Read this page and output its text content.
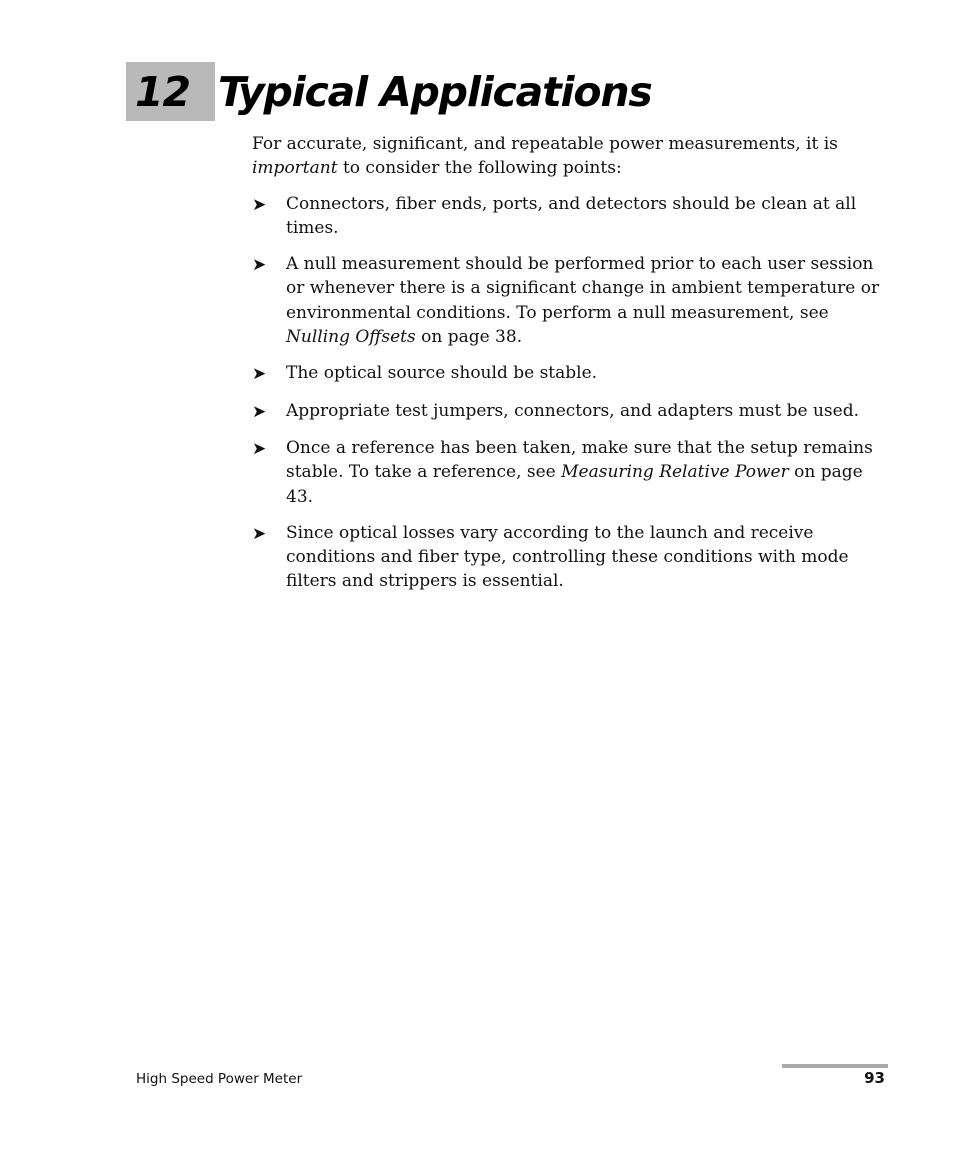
12 Typical Applications

For accurate, significant, and repeatable power measurements, it is important to consider the following points:

➤	Connectors, fiber ends, ports, and detectors should be clean at all times.
➤	A null measurement should be performed prior to each user session or whenever there is a significant change in ambient temperature or environmental conditions. To perform a null measurement, see Nulling Offsets on page 38.
➤	The optical source should be stable.
➤	Appropriate test jumpers, connectors, and adapters must be used.
➤	Once a reference has been taken, make sure that the setup remains stable. To take a reference, see Measuring Relative Power on page 43.
➤	Since optical losses vary according to the launch and receive conditions and fiber type, controlling these conditions with mode filters and strippers is essential.
High Speed Power Meter	93
